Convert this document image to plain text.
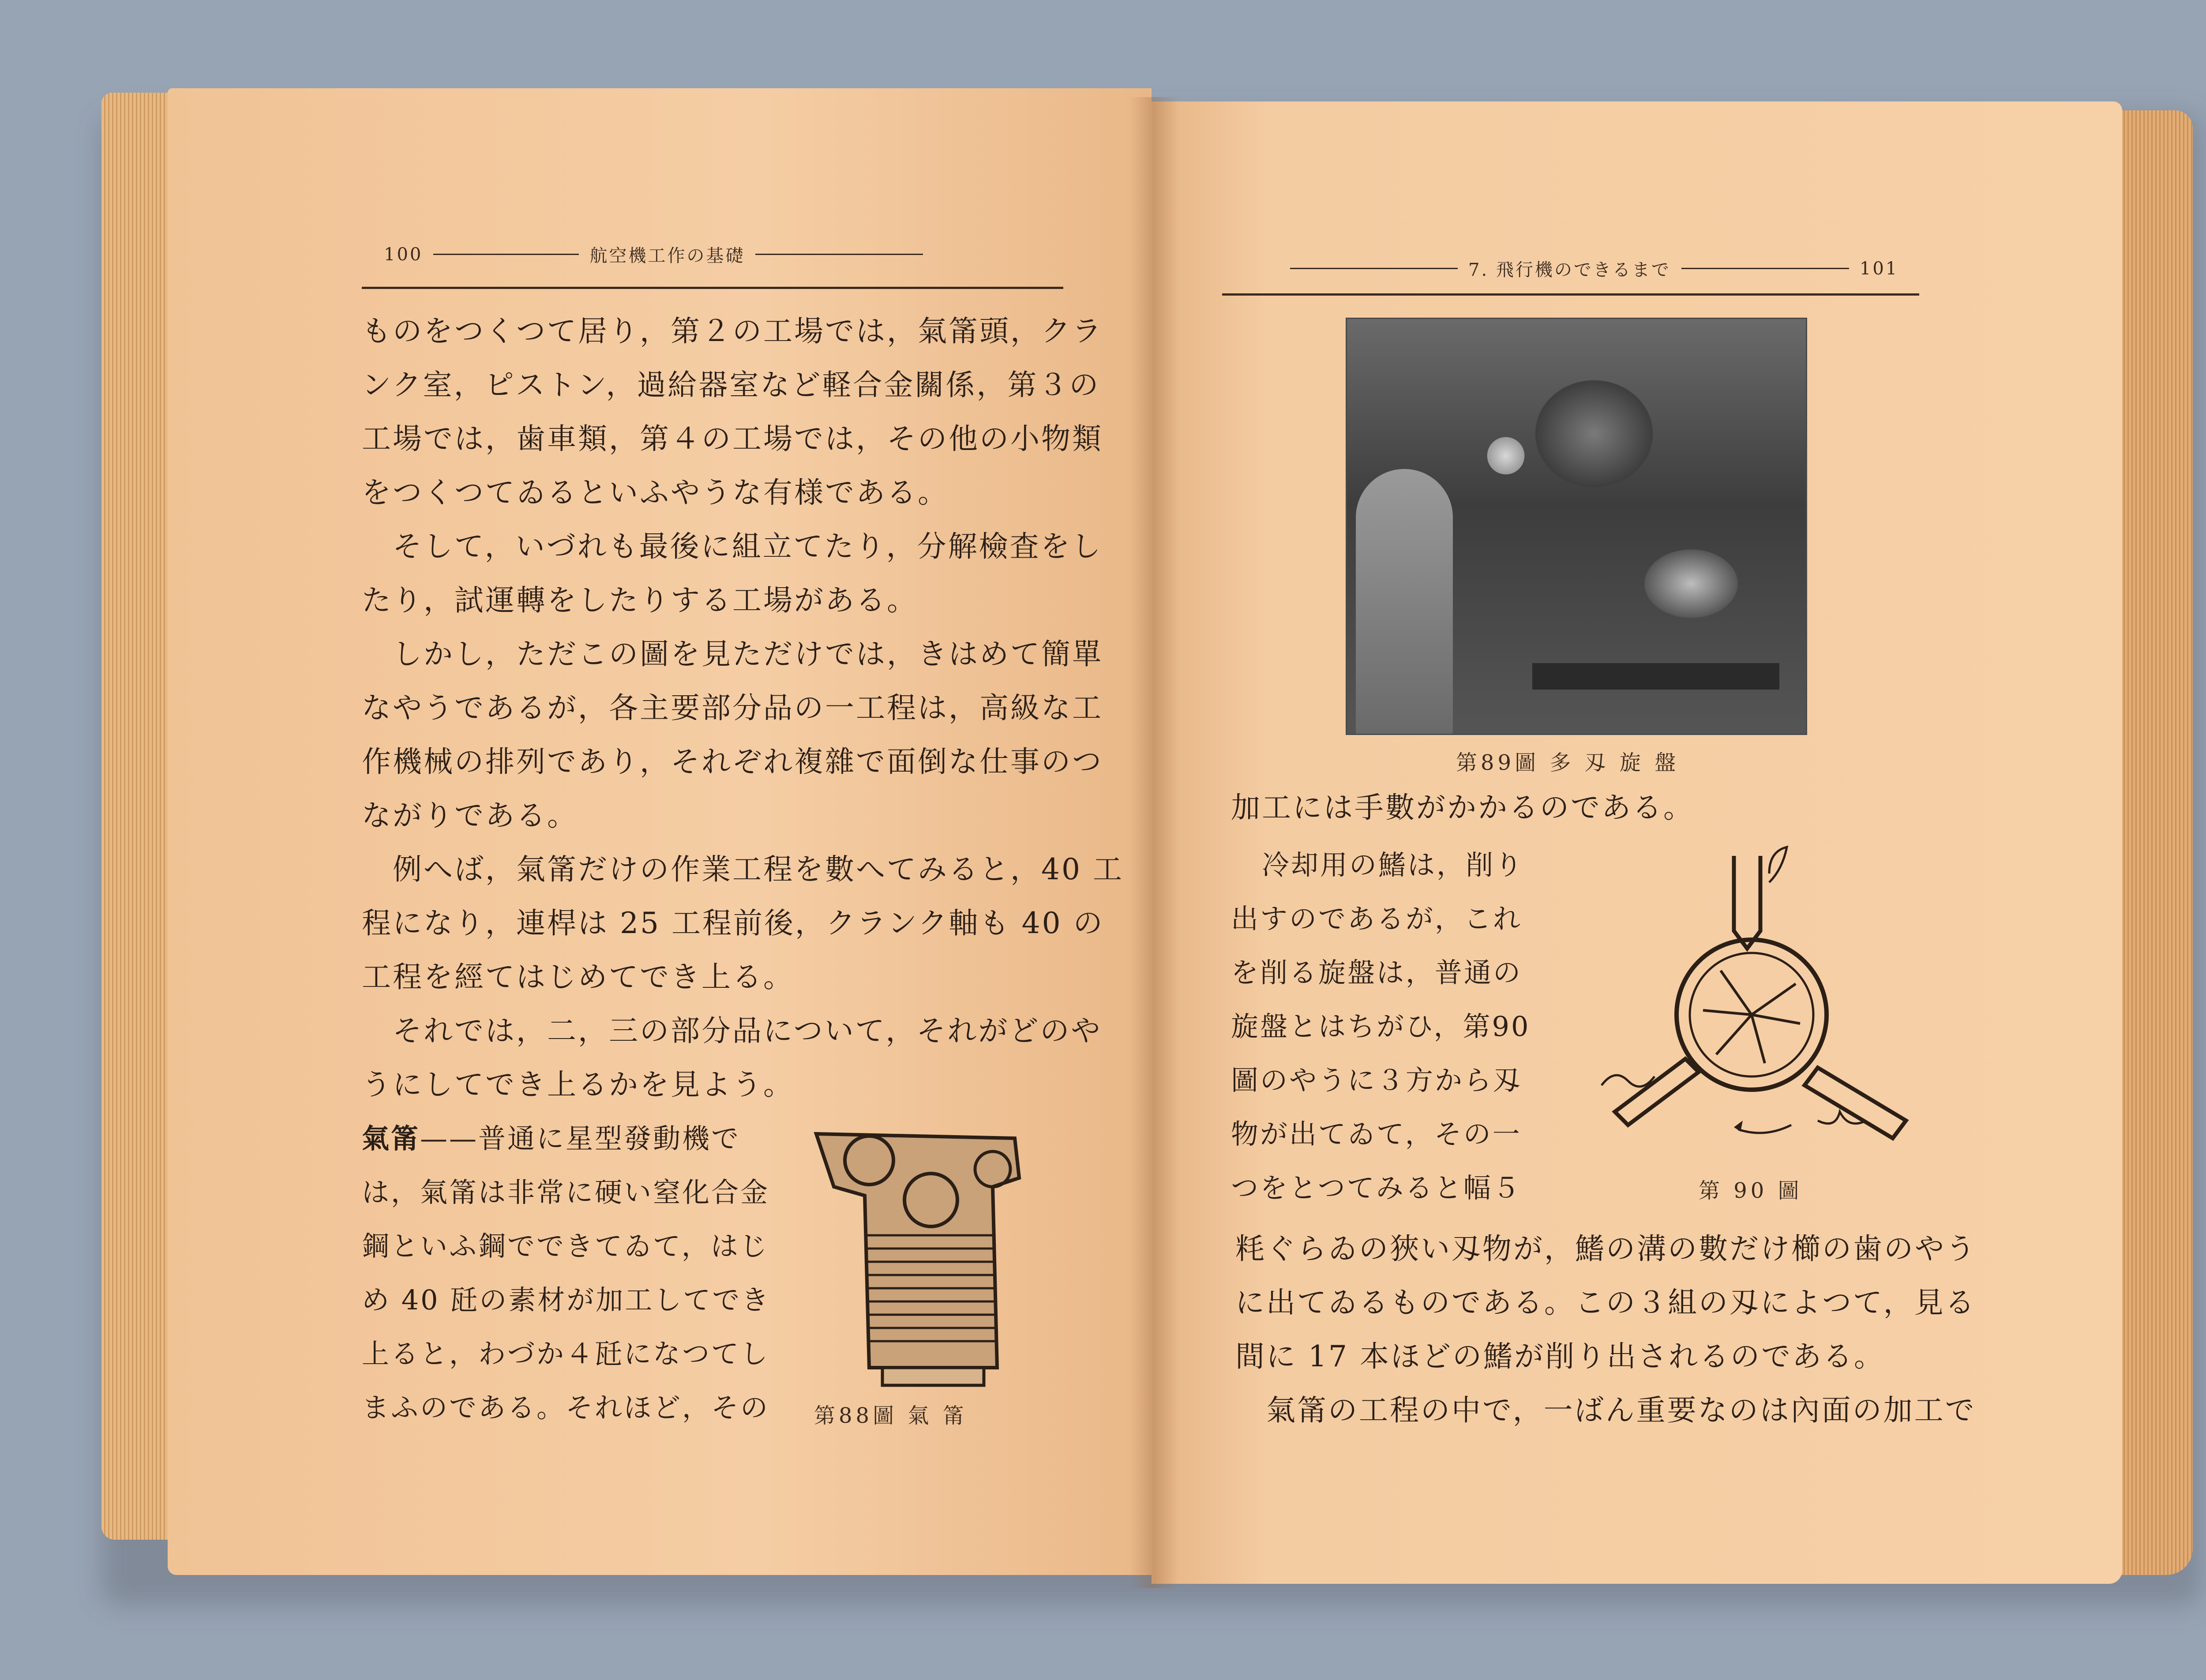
100	航空機工作の基礎

ものをつくつて居り，第２の工場では，氣筩頭，クラ

ンク室，ピストン，過給器室など軽合金關係，第３の

工場では，歯車類，第４の工場では，その他の小物類

をつくつてゐるといふやうな有様である。

そして，いづれも最後に組立てたり，分解檢査をし

たり，試運轉をしたりする工場がある。

しかし，ただこの圖を見ただけでは，きはめて簡單

なやうであるが，各主要部分品の一工程は，高級な工

作機械の排列であり，それぞれ複雜で面倒な仕事のつ

ながりである。

例へば，氣筩だけの作業工程を數へてみると，40 工

程になり，連桿は 25 工程前後，クランク軸も 40 の

工程を經てはじめてでき上る。

それでは，二，三の部分品について，それがどのや

うにしてでき上るかを見よう。

氣筩——普通に星型發動機で

は，氣筩は非常に硬い窒化合金

鋼といふ鋼でできてゐて，はじ

め 40 瓩の素材が加工してでき

上ると，わづか４瓩になつてし

まふのである。それほど，その 第88圖 氣 筩
7. 飛行機のできるまで	101
第89圖 多 刄 旋 盤

加工には手數がかかるのである。

冷却用の鰭は，削り

出すのであるが，これ

を削る旋盤は，普通の

旋盤とはちがひ，第90

圖のやうに３方から刄

物が出てゐて，その一

つをとつてみると幅５	第 90 圖

粍ぐらゐの狹い刄物が，鰭の溝の數だけ櫛の歯のやう

に出てゐるものである。この３組の刄によつて，見る

間に 17 本ほどの鰭が削り出されるのである。

氣筩の工程の中で，一ばん重要なのは內面の加工で
